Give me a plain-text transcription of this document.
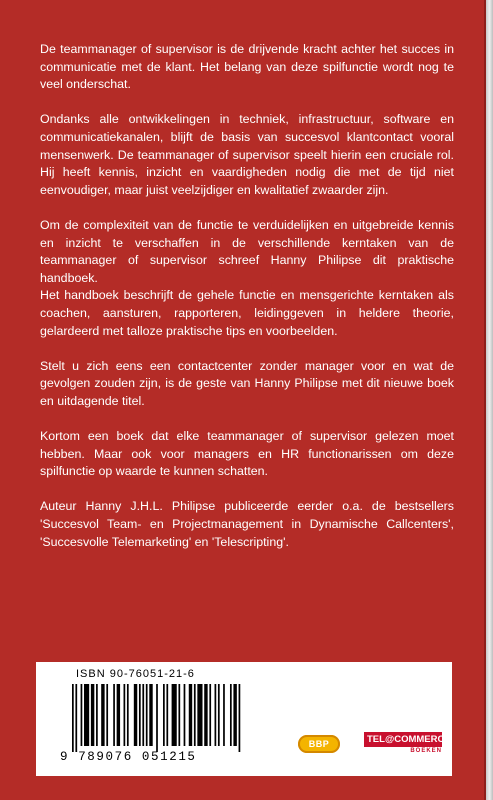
De teammanager of supervisor is de drijvende kracht achter het succes in communicatie met de klant. Het belang van deze spilfunctie wordt nog te veel onderschat.

Ondanks alle ontwikkelingen in techniek, infrastructuur, software en communicatiekanalen, blijft de basis van succesvol klantcontact vooral mensenwerk. De teammanager of supervisor speelt hierin een cruciale rol. Hij heeft kennis, inzicht en vaardigheden nodig die met de tijd niet eenvoudiger, maar juist veelzijdiger en kwalitatief zwaarder zijn.

Om de complexiteit van de functie te verduidelijken en uitgebreide kennis en inzicht te verschaffen in de verschillende kerntaken van de teammanager of supervisor schreef Hanny Philipse dit praktische handboek.

Het handboek beschrijft de gehele functie en mensgerichte kerntaken als coachen, aansturen, rapporteren, leidinggeven in heldere theorie, gelardeerd met talloze praktische tips en voorbeelden.

Stelt u zich eens een contactcenter zonder manager voor en wat de gevolgen zouden zijn, is de geste van Hanny Philipse met dit nieuwe boek en uitdagende titel.

Kortom een boek dat elke teammanager of supervisor gelezen moet hebben. Maar ook voor managers en HR functionarissen om deze spilfunctie op waarde te kunnen schatten.

Auteur Hanny J.H.L. Philipse publiceerde eerder o.a. de bestsellers 'Succesvol Team- en Projectmanagement in Dynamische Callcenters', 'Succesvolle Telemarketing' en 'Telescripting'.

ISBN 90-76051-21-6
9 789076 051215
BBP	TEL@COMMERCE
BOEKEN
